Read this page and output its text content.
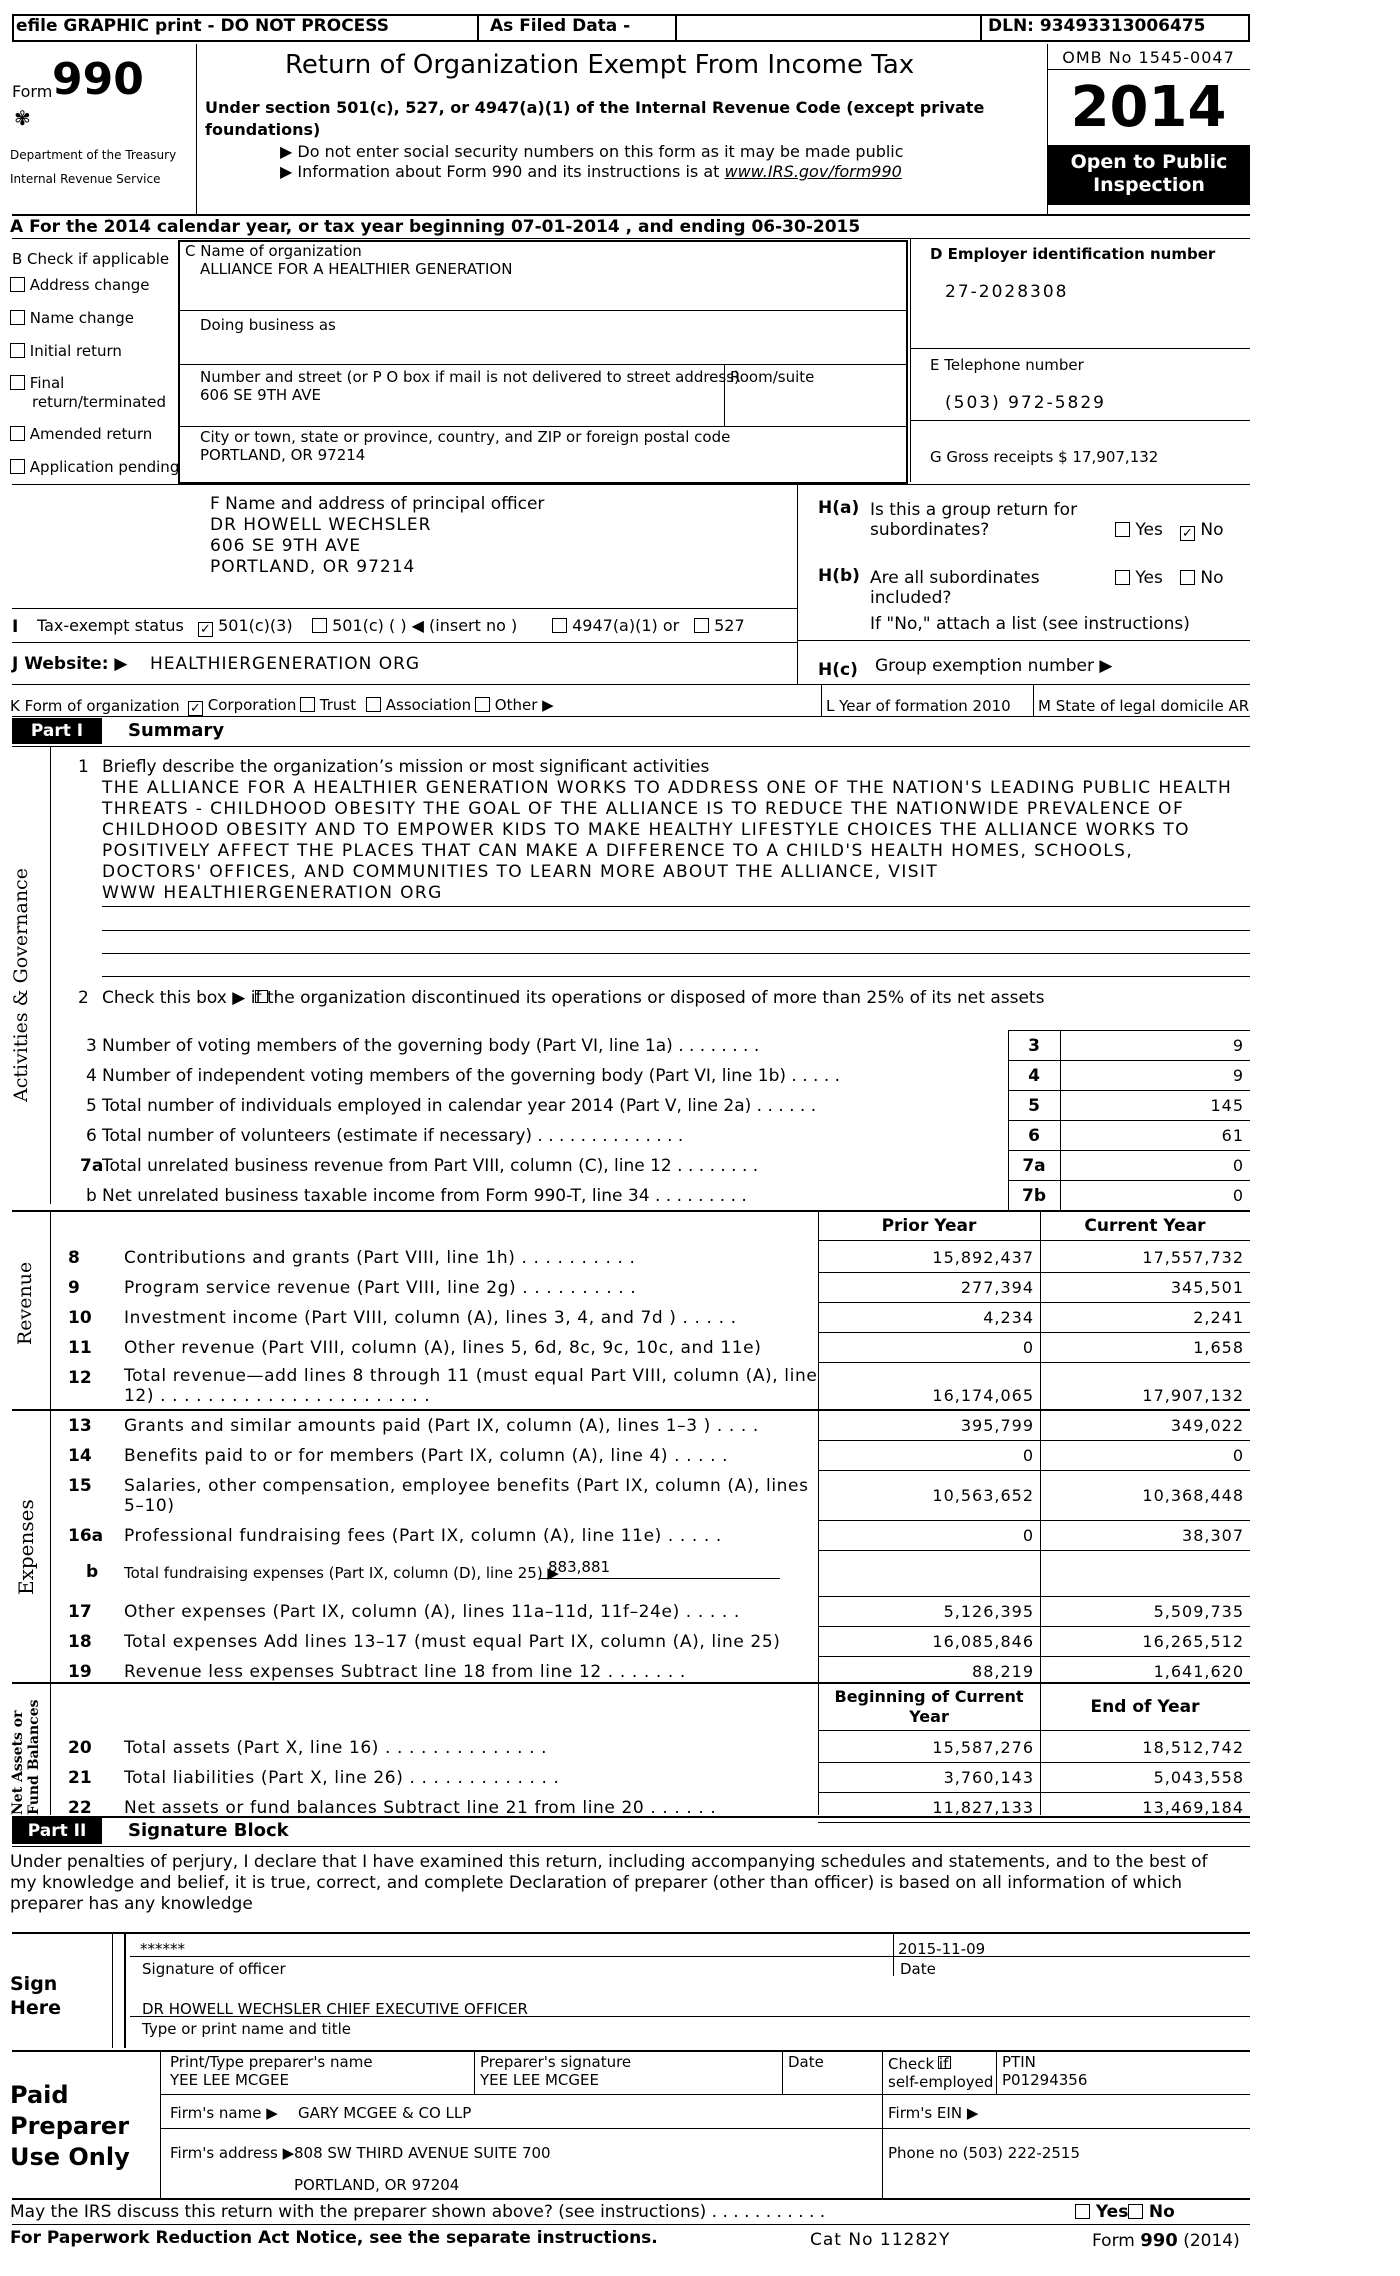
efile GRAPHIC print - DO NOT PROCESS	As Filed Data -	DLN: 93493313006475
Form 990
✾
Department of the Treasury
Internal Revenue Service
Return of Organization Exempt From Income Tax
Under section 501(c), 527, or 4947(a)(1) of the Internal Revenue Code (except private
foundations)
▶ Do not enter social security numbers on this form as it may be made public
▶ Information about Form 990 and its instructions is at www.IRS.gov/form990
OMB No 1545-0047
2014
Open to Public
Inspection
A For the 2014 calendar year, or tax year beginning 07-01-2014 , and ending 06-30-2015
B Check if applicable
Address change
Name change
Initial return
Final
return/terminated
Amended return
Application pending
C Name of organization
ALLIANCE FOR A HEALTHIER GENERATION
Doing business as
Number and street (or P O box if mail is not delivered to street address)
Room/suite
606 SE 9TH AVE
City or town, state or province, country, and ZIP or foreign postal code
PORTLAND, OR 97214
D Employer identification number
27-2028308
E Telephone number
(503) 972-5829
G Gross receipts $ 17,907,132
F Name and address of principal officer
DR HOWELL WECHSLER
606 SE 9TH AVE
PORTLAND, OR 97214
H(a) Is this a group return for
subordinates?	Yes ✓ No
H(b) Are all subordinates
included?
Yes	No
If "No," attach a list (see instructions)
H(c) Group exemption number ▶
I Tax-exempt status ✓ 501(c)(3)	501(c) ( ) ◀ (insert no )	4947(a)(1) or	527
J Website: ▶ HEALTHIERGENERATION ORG
K Form of organization ✓ Corporation	Trust	Association	Other ▶	L Year of formation 2010 M State of legal domicile AR
Part I	Summary
Activities & Governance
1 Briefly describe the organization’s mission or most significant activities
THE ALLIANCE FOR A HEALTHIER GENERATION WORKS TO ADDRESS ONE OF THE NATION'S LEADING PUBLIC HEALTH
THREATS - CHILDHOOD OBESITY THE GOAL OF THE ALLIANCE IS TO REDUCE THE NATIONWIDE PREVALENCE OF
CHILDHOOD OBESITY AND TO EMPOWER KIDS TO MAKE HEALTHY LIFESTYLE CHOICES THE ALLIANCE WORKS TO
POSITIVELY AFFECT THE PLACES THAT CAN MAKE A DIFFERENCE TO A CHILD'S HEALTH HOMES, SCHOOLS,
DOCTORS' OFFICES, AND COMMUNITIES TO LEARN MORE ABOUT THE ALLIANCE, VISIT
WWW HEALTHIERGENERATION ORG
2 Check this box ▶ if the organization discontinued its operations or disposed of more than 25% of its net assets
3 Number of voting members of the governing body (Part VI, line 1a) . . . . . . . .	3	9
4 Number of independent voting members of the governing body (Part VI, line 1b) . . . . .	4	9
5 Total number of individuals employed in calendar year 2014 (Part V, line 2a) . . . . . .	5	145
6 Total number of volunteers (estimate if necessary) . . . . . . . . . . . . . .	6	61
7a
Total unrelated business revenue from Part VIII, column (C), line 12 . . . . . . . .	7a	0
b Net unrelated business taxable income from Form 990-T, line 34 . . . . . . . . .	7b	0
Prior Year	Current Year
Revenue
8	Contributions and grants (Part VIII, line 1h) . . . . . . . . . .	15,892,437	17,557,732
9	Program service revenue (Part VIII, line 2g) . . . . . . . . . .	277,394	345,501
10 Investment income (Part VIII, column (A), lines 3, 4, and 7d ) . . . . .	4,234	2,241
11 Other revenue (Part VIII, column (A), lines 5, 6d, 8c, 9c, 10c, and 11e)	0	1,658
12 Total revenue—add lines 8 through 11 (must equal Part VIII, column (A), line
12) . . . . . . . . . . . . . . . . . . . . . . .	16,174,065	17,907,132
13 Grants and similar amounts paid (Part IX, column (A), lines 1–3 ) . . . .	395,799	349,022
14 Benefits paid to or for members (Part IX, column (A), line 4) . . . . .	0	0
15 Salaries, other compensation, employee benefits (Part IX, column (A), lines
5–10)
10,563,652	10,368,448
16a Professional fundraising fees (Part IX, column (A), line 11e) . . . . .	0	38,307
b Total fundraising expenses (Part IX, column (D), line 25) ▶
883,881
17 Other expenses (Part IX, column (A), lines 11a–11d, 11f–24e) . . . . .	5,126,395	5,509,735
18 Total expenses Add lines 13–17 (must equal Part IX, column (A), line 25)	16,085,846	16,265,512
19 Revenue less expenses Subtract line 18 from line 12 . . . . . . .	88,219	1,641,620
20 Total assets (Part X, line 16) . . . . . . . . . . . . . .	15,587,276	18,512,742
21 Total liabilities (Part X, line 26) . . . . . . . . . . . . .	3,760,143	5,043,558
22 Net assets or fund balances Subtract line 21 from line 20 . . . . . .	11,827,133	13,469,184
Expenses
Net Assets or Fund Balances
Beginning of Current
Year	End of Year
Part II	Signature Block
Under penalties of perjury, I declare that I have examined this return, including accompanying schedules and statements, and to the best of
my knowledge and belief, it is true, correct, and complete Declaration of preparer (other than officer) is based on all information of which
preparer has any knowledge
Sign
Here
******	2015-11-09
Signature of officer	Date
DR HOWELL WECHSLER CHIEF EXECUTIVE OFFICER
Type or print name and title
Paid
Preparer
Use Only
Print/Type preparer's name
YEE LEE MCGEE
Preparer's signature
YEE LEE MCGEE
Date	Check if
self-employed
PTIN
P01294356
Firm's name ▶ GARY MCGEE & CO LLP	Firm's EIN ▶
Firm's address ▶ 808 SW THIRD AVENUE SUITE 700
PORTLAND, OR 97204
Phone no (503) 222-2515
May the IRS discuss this return with the preparer shown above? (see instructions) . . . . . . . . . . .	Yes	No
For Paperwork Reduction Act Notice, see the separate instructions.	Cat No 11282Y	Form 990 (2014)
